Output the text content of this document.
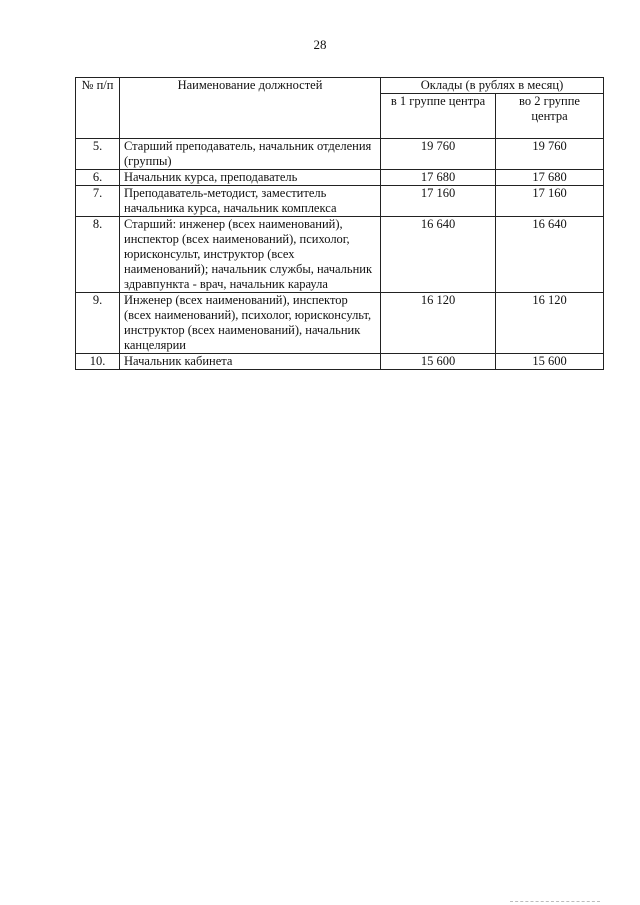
28
№ п/п	Наименование должностей	Оклады (в рублях в месяц)	
		в 1 группе центра	во 2 группе центра
5.	Старший преподаватель, начальник отделения (группы)	19 760	19 760
6.	Начальник курса, преподаватель	17 680	17 680
7.	Преподаватель-методист, заместитель начальника курса, начальник комплекса	17 160	17 160
8.	Старший: инженер (всех наименований), инспектор (всех наименований), психолог, юрисконсульт, инструктор (всех наименований); начальник службы, начальник здравпункта - врач, начальник караула	16 640	16 640
9.	Инженер (всех наименований), инспектор (всех наименований), психолог, юрисконсульт, инструктор (всех наименований), начальник канцелярии	16 120	16 120
10.	Начальник кабинета	15 600	15 600
